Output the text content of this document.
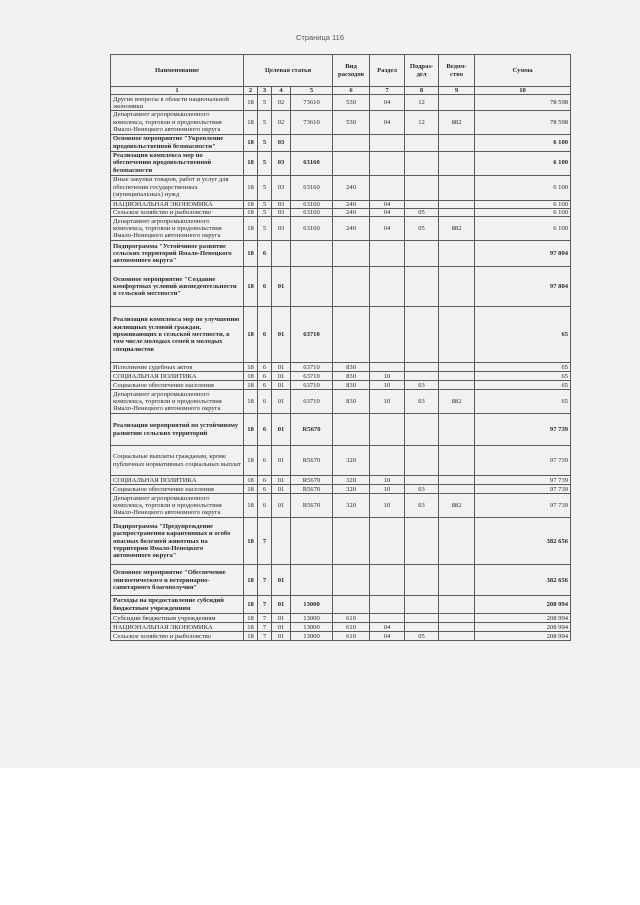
Страница 116
Наименование	Целевая статья				Вид расходов	Раздел	Подраз-дел	Ведом-ство	Сумма
1	2	3	4	5	6	7	8	9	10
Другие вопросы в области национальной экономики	18	5	02	73610	530	04	12		78 598
Департамент агропромышленного комплекса, торговли и продовольствия Ямало-Ненецкого автономного округа	18	5	02	73610	530	04	12	882	78 598
Основное мероприятие "Укрепление продовольственной безопасности"	18	5	03						6 100
Реализация комплекса мер по обеспечению продовольственной безопасности	18	5	03	63160					6 100
Иные закупки товаров, работ и услуг для обеспечения государственных (муниципальных) нужд	18	5	03	63160	240				6 100
НАЦИОНАЛЬНАЯ ЭКОНОМИКА	18	5	03	63160	240	04			6 100
Сельское хозяйство и рыболовство	18	5	03	63160	240	04	05		6 100
Департамент агропромышленного комплекса, торговли и продовольствия Ямало-Ненецкого автономного округа	18	5	03	63160	240	04	05	882	6 100
Подпрограмма "Устойчивое развитие сельских территорий Ямало-Ненецкого автономного округа"	18	6							97 804
Основное мероприятие "Создание комфортных условий жизнедеятельности в сельской местности"	18	6	01						97 804
Реализация комплекса мер по улучшению жилищных условий граждан, проживающих в сельской местности, в том числе молодых семей и молодых специалистов	18	6	01	63710					65
Исполнение судебных актов	18	6	01	63710	830				65
СОЦИАЛЬНАЯ ПОЛИТИКА	18	6	01	63710	830	10			65
Социальное обеспечение населения	18	6	01	63710	830	10	03		65
Департамент агропромышленного комплекса, торговли и продовольствия Ямало-Ненецкого автономного округа	18	6	01	63710	830	10	03	882	65
Реализация мероприятий по устойчивому развитию сельских территорий	18	6	01	R5670					97 739
Социальные выплаты гражданам, кроме публичных нормативных социальных выплат	18	6	01	R5670	320				97 739
СОЦИАЛЬНАЯ ПОЛИТИКА	18	6	01	R5670	320	10			97 739
Социальное обеспечение населения	18	6	01	R5670	320	10	03		97 739
Департамент агропромышленного комплекса, торговли и продовольствия Ямало-Ненецкого автономного округа	18	6	01	R5670	320	10	03	882	97 739
Подпрограмма "Предупреждение распространения карантинных и особо опасных болезней животных на территории Ямало-Ненецкого автономного округа"	18	7							382 656
Основное мероприятие "Обеспечение эпизоотического и ветеринарно-санитарного благополучия"	18	7	01						382 656
Расходы на предоставление субсидий бюджетным учреждениям	18	7	01	13000					208 994
Субсидии бюджетным учреждениям	18	7	01	13000	610				208 994
НАЦИОНАЛЬНАЯ ЭКОНОМИКА	18	7	01	13000	610	04			208 994
Сельское хозяйство и рыболовство	18	7	01	13000	610	04	05		208 994
